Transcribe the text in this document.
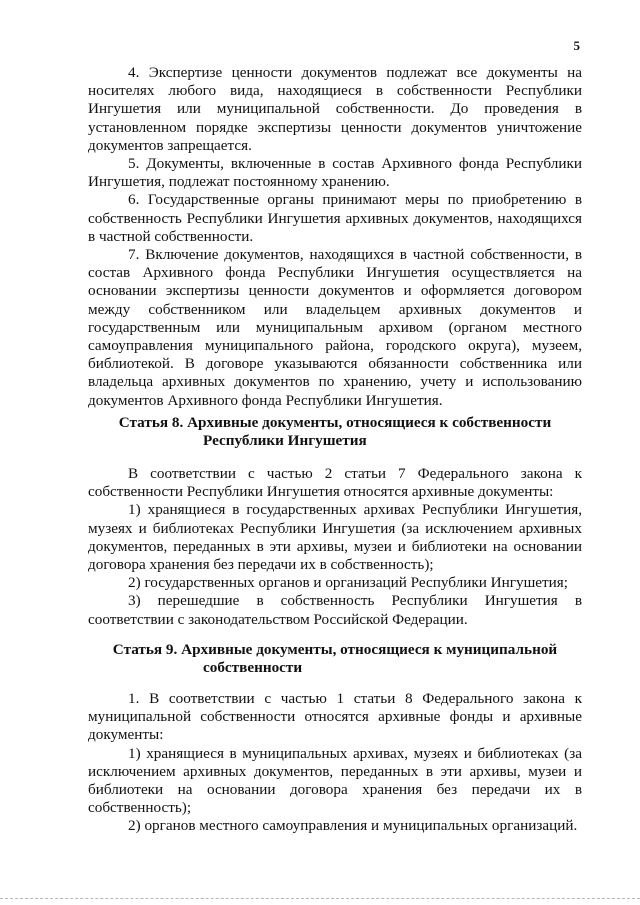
5

4. Экспертизе ценности документов подлежат все документы на носителях любого вида, находящиеся в собственности Республики Ингушетия или муниципальной собственности. До проведения в установленном порядке экспертизы ценности документов уничтожение документов запрещается.

5. Документы, включенные в состав Архивного фонда Республики Ингушетия, подлежат постоянному хранению.

6. Государственные органы принимают меры по приобретению в собственность Республики Ингушетия архивных документов, находящихся в частной собственности.

7. Включение документов, находящихся в частной собственности, в состав Архивного фонда Республики Ингушетия осуществляется на основании экспертизы ценности документов и оформляется договором между собственником или владельцем архивных документов и государственным или муниципальным архивом (органом местного самоуправления муниципального района, городского округа), музеем, библиотекой. В договоре указываются обязанности собственника или владельца архивных документов по хранению, учету и использованию документов Архивного фонда Республики Ингушетия.

Статья 8. Архивные документы, относящиеся к собственности
Республики Ингушетия

В соответствии с частью 2 статьи 7 Федерального закона к собственности Республики Ингушетия относятся архивные документы:

1) хранящиеся в государственных архивах Республики Ингушетия, музеях и библиотеках Республики Ингушетия (за исключением архивных документов, переданных в эти архивы, музеи и библиотеки на основании договора хранения без передачи их в собственность);

2) государственных органов и организаций Республики Ингушетия;

3) перешедшие в собственность Республики Ингушетия в соответствии с законодательством Российской Федерации.

Статья 9. Архивные документы, относящиеся к муниципальной
собственности

1. В соответствии с частью 1 статьи 8 Федерального закона к муниципальной собственности относятся архивные фонды и архивные документы:

1) хранящиеся в муниципальных архивах, музеях и библиотеках (за исключением архивных документов, переданных в эти архивы, музеи и библиотеки на основании договора хранения без передачи их в собственность);

2) органов местного самоуправления и муниципальных организаций.
